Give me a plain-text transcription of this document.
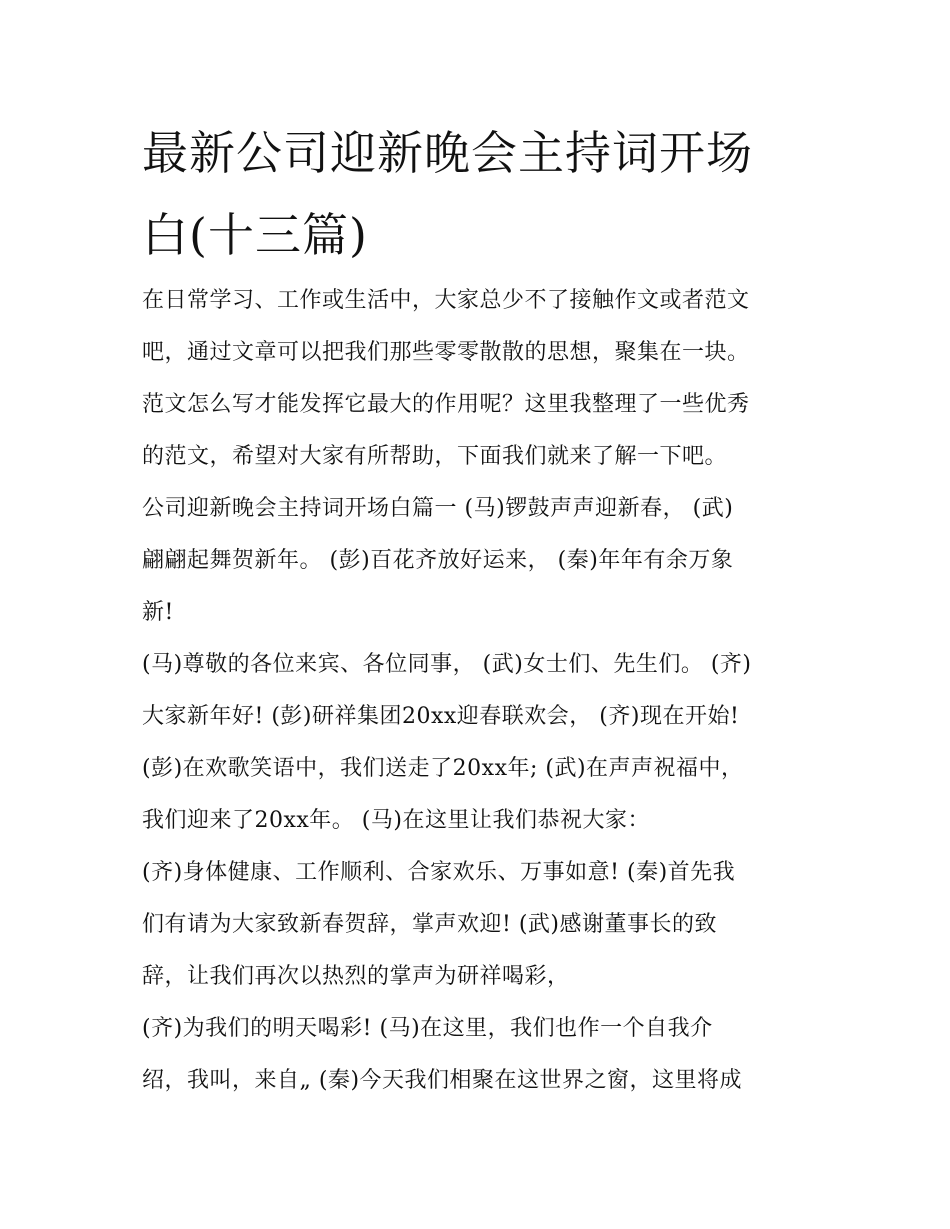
最新公司迎新晚会主持词开场
白(十三篇)
在日常学习、工作或生活中，大家总少不了接触作文或者范文
吧，通过文章可以把我们那些零零散散的思想，聚集在一块。
范文怎么写才能发挥它最大的作用呢？这里我整理了一些优秀
的范文，希望对大家有所帮助，下面我们就来了解一下吧。
公司迎新晚会主持词开场白篇一 (马)锣鼓声声迎新春， (武)
翩翩起舞贺新年。 (彭)百花齐放好运来， (秦)年年有余万象
新!
(马)尊敬的各位来宾、各位同事， (武)女士们、先生们。 (齐)
大家新年好! (彭)研祥集团20xx迎春联欢会， (齐)现在开始!
(彭)在欢歌笑语中，我们送走了20xx年; (武)在声声祝福中，
我们迎来了20xx年。 (马)在这里让我们恭祝大家：
(齐)身体健康、工作顺利、合家欢乐、万事如意! (秦)首先我
们有请为大家致新春贺辞，掌声欢迎! (武)感谢董事长的致
辞，让我们再次以热烈的掌声为研祥喝彩，
(齐)为我们的明天喝彩! (马)在这里，我们也作一个自我介
绍，我叫，来自„ (秦)今天我们相聚在这世界之窗，这里将成
